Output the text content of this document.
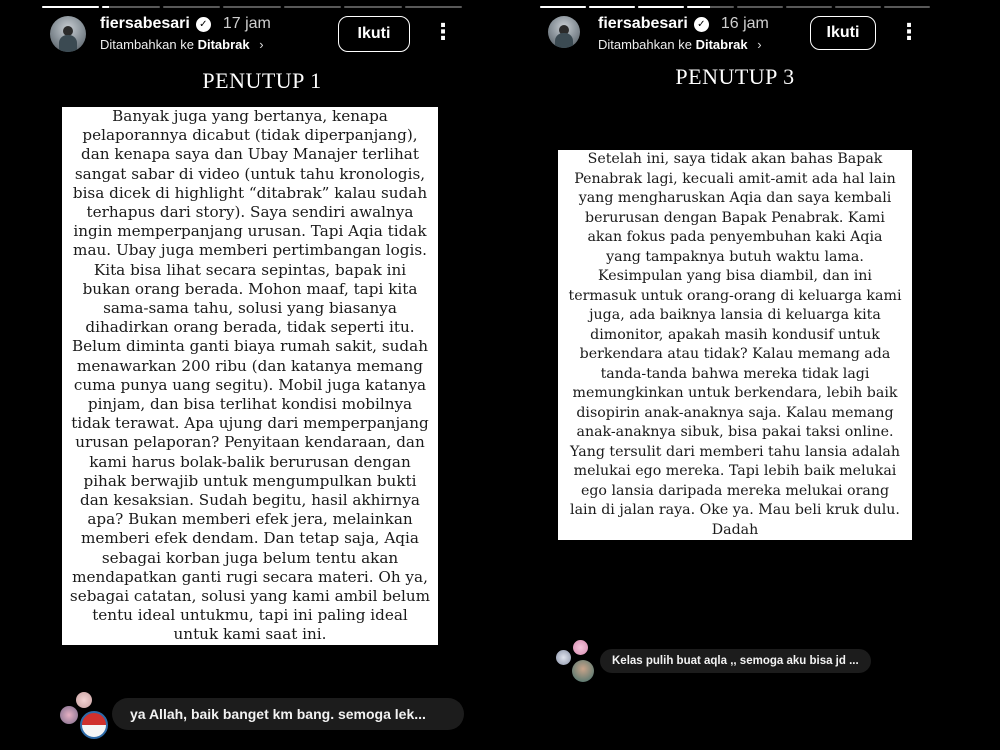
fiersabesari ✓ 17 jam
Ditambahkan ke Ditabrak ›
Ikuti	⋮
PENUTUP 1
Banyak juga yang bertanya, kenapa
pelaporannya dicabut (tidak diperpanjang),
dan kenapa saya dan Ubay Manajer terlihat
sangat sabar di video (untuk tahu kronologis,
bisa dicek di highlight “ditabrak” kalau sudah
terhapus dari story). Saya sendiri awalnya
ingin memperpanjang urusan. Tapi Aqia tidak
mau. Ubay juga memberi pertimbangan logis.
Kita bisa lihat secara sepintas, bapak ini
bukan orang berada. Mohon maaf, tapi kita
sama-sama tahu, solusi yang biasanya
dihadirkan orang berada, tidak seperti itu.
Belum diminta ganti biaya rumah sakit, sudah
menawarkan 200 ribu (dan katanya memang
cuma punya uang segitu). Mobil juga katanya
pinjam, dan bisa terlihat kondisi mobilnya
tidak terawat. Apa ujung dari memperpanjang
urusan pelaporan? Penyitaan kendaraan, dan
kami harus bolak-balik berurusan dengan
pihak berwajib untuk mengumpulkan bukti
dan kesaksian. Sudah begitu, hasil akhirnya
apa? Bukan memberi efek jera, melainkan
memberi efek dendam. Dan tetap saja, Aqia
sebagai korban juga belum tentu akan
mendapatkan ganti rugi secara materi. Oh ya,
sebagai catatan, solusi yang kami ambil belum
tentu ideal untukmu, tapi ini paling ideal
untuk kami saat ini.
ya Allah, baik banget km bang. semoga lek...
fiersabesari ✓ 16 jam
Ditambahkan ke Ditabrak ›
Ikuti	⋮
PENUTUP 3
Setelah ini, saya tidak akan bahas Bapak
Penabrak lagi, kecuali amit-amit ada hal lain
yang mengharuskan Aqia dan saya kembali
berurusan dengan Bapak Penabrak. Kami
akan fokus pada penyembuhan kaki Aqia
yang tampaknya butuh waktu lama.
Kesimpulan yang bisa diambil, dan ini
termasuk untuk orang-orang di keluarga kami
juga, ada baiknya lansia di keluarga kita
dimonitor, apakah masih kondusif untuk
berkendara atau tidak? Kalau memang ada
tanda-tanda bahwa mereka tidak lagi
memungkinkan untuk berkendara, lebih baik
disopirin anak-anaknya saja. Kalau memang
anak-anaknya sibuk, bisa pakai taksi online.
Yang tersulit dari memberi tahu lansia adalah
melukai ego mereka. Tapi lebih baik melukai
ego lansia daripada mereka melukai orang
lain di jalan raya. Oke ya. Mau beli kruk dulu.
Dadah
Kelas pulih buat aqla ,, semoga aku bisa jd ...
